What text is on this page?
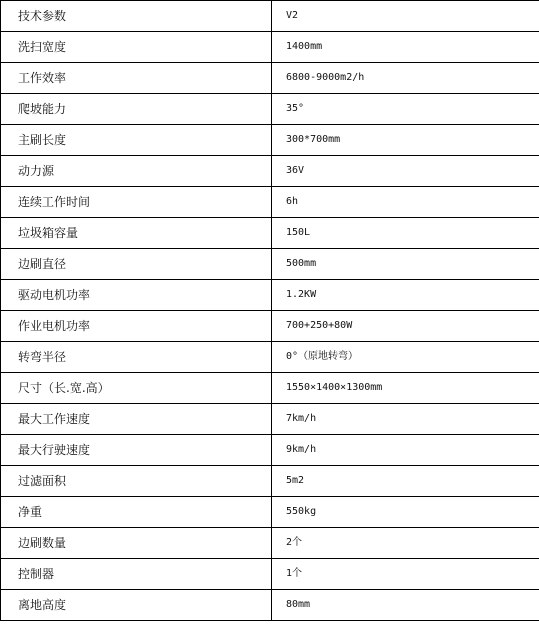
技术参数	V2
洗扫宽度	1400mm
工作效率	6800-9000m2/h
爬坡能力	35°
主刷长度	300*700mm
动力源	36V
连续工作时间	6h
垃圾箱容量	150L
边刷直径	500mm
驱动电机功率	1.2KW
作业电机功率	700+250+80W
转弯半径	0°（原地转弯）
尺寸（长.宽.高）	1550×1400×1300mm
最大工作速度	7km/h
最大行驶速度	9km/h
过滤面积	5m2
净重	550kg
边刷数量	2个
控制器	1个
离地高度	80mm
